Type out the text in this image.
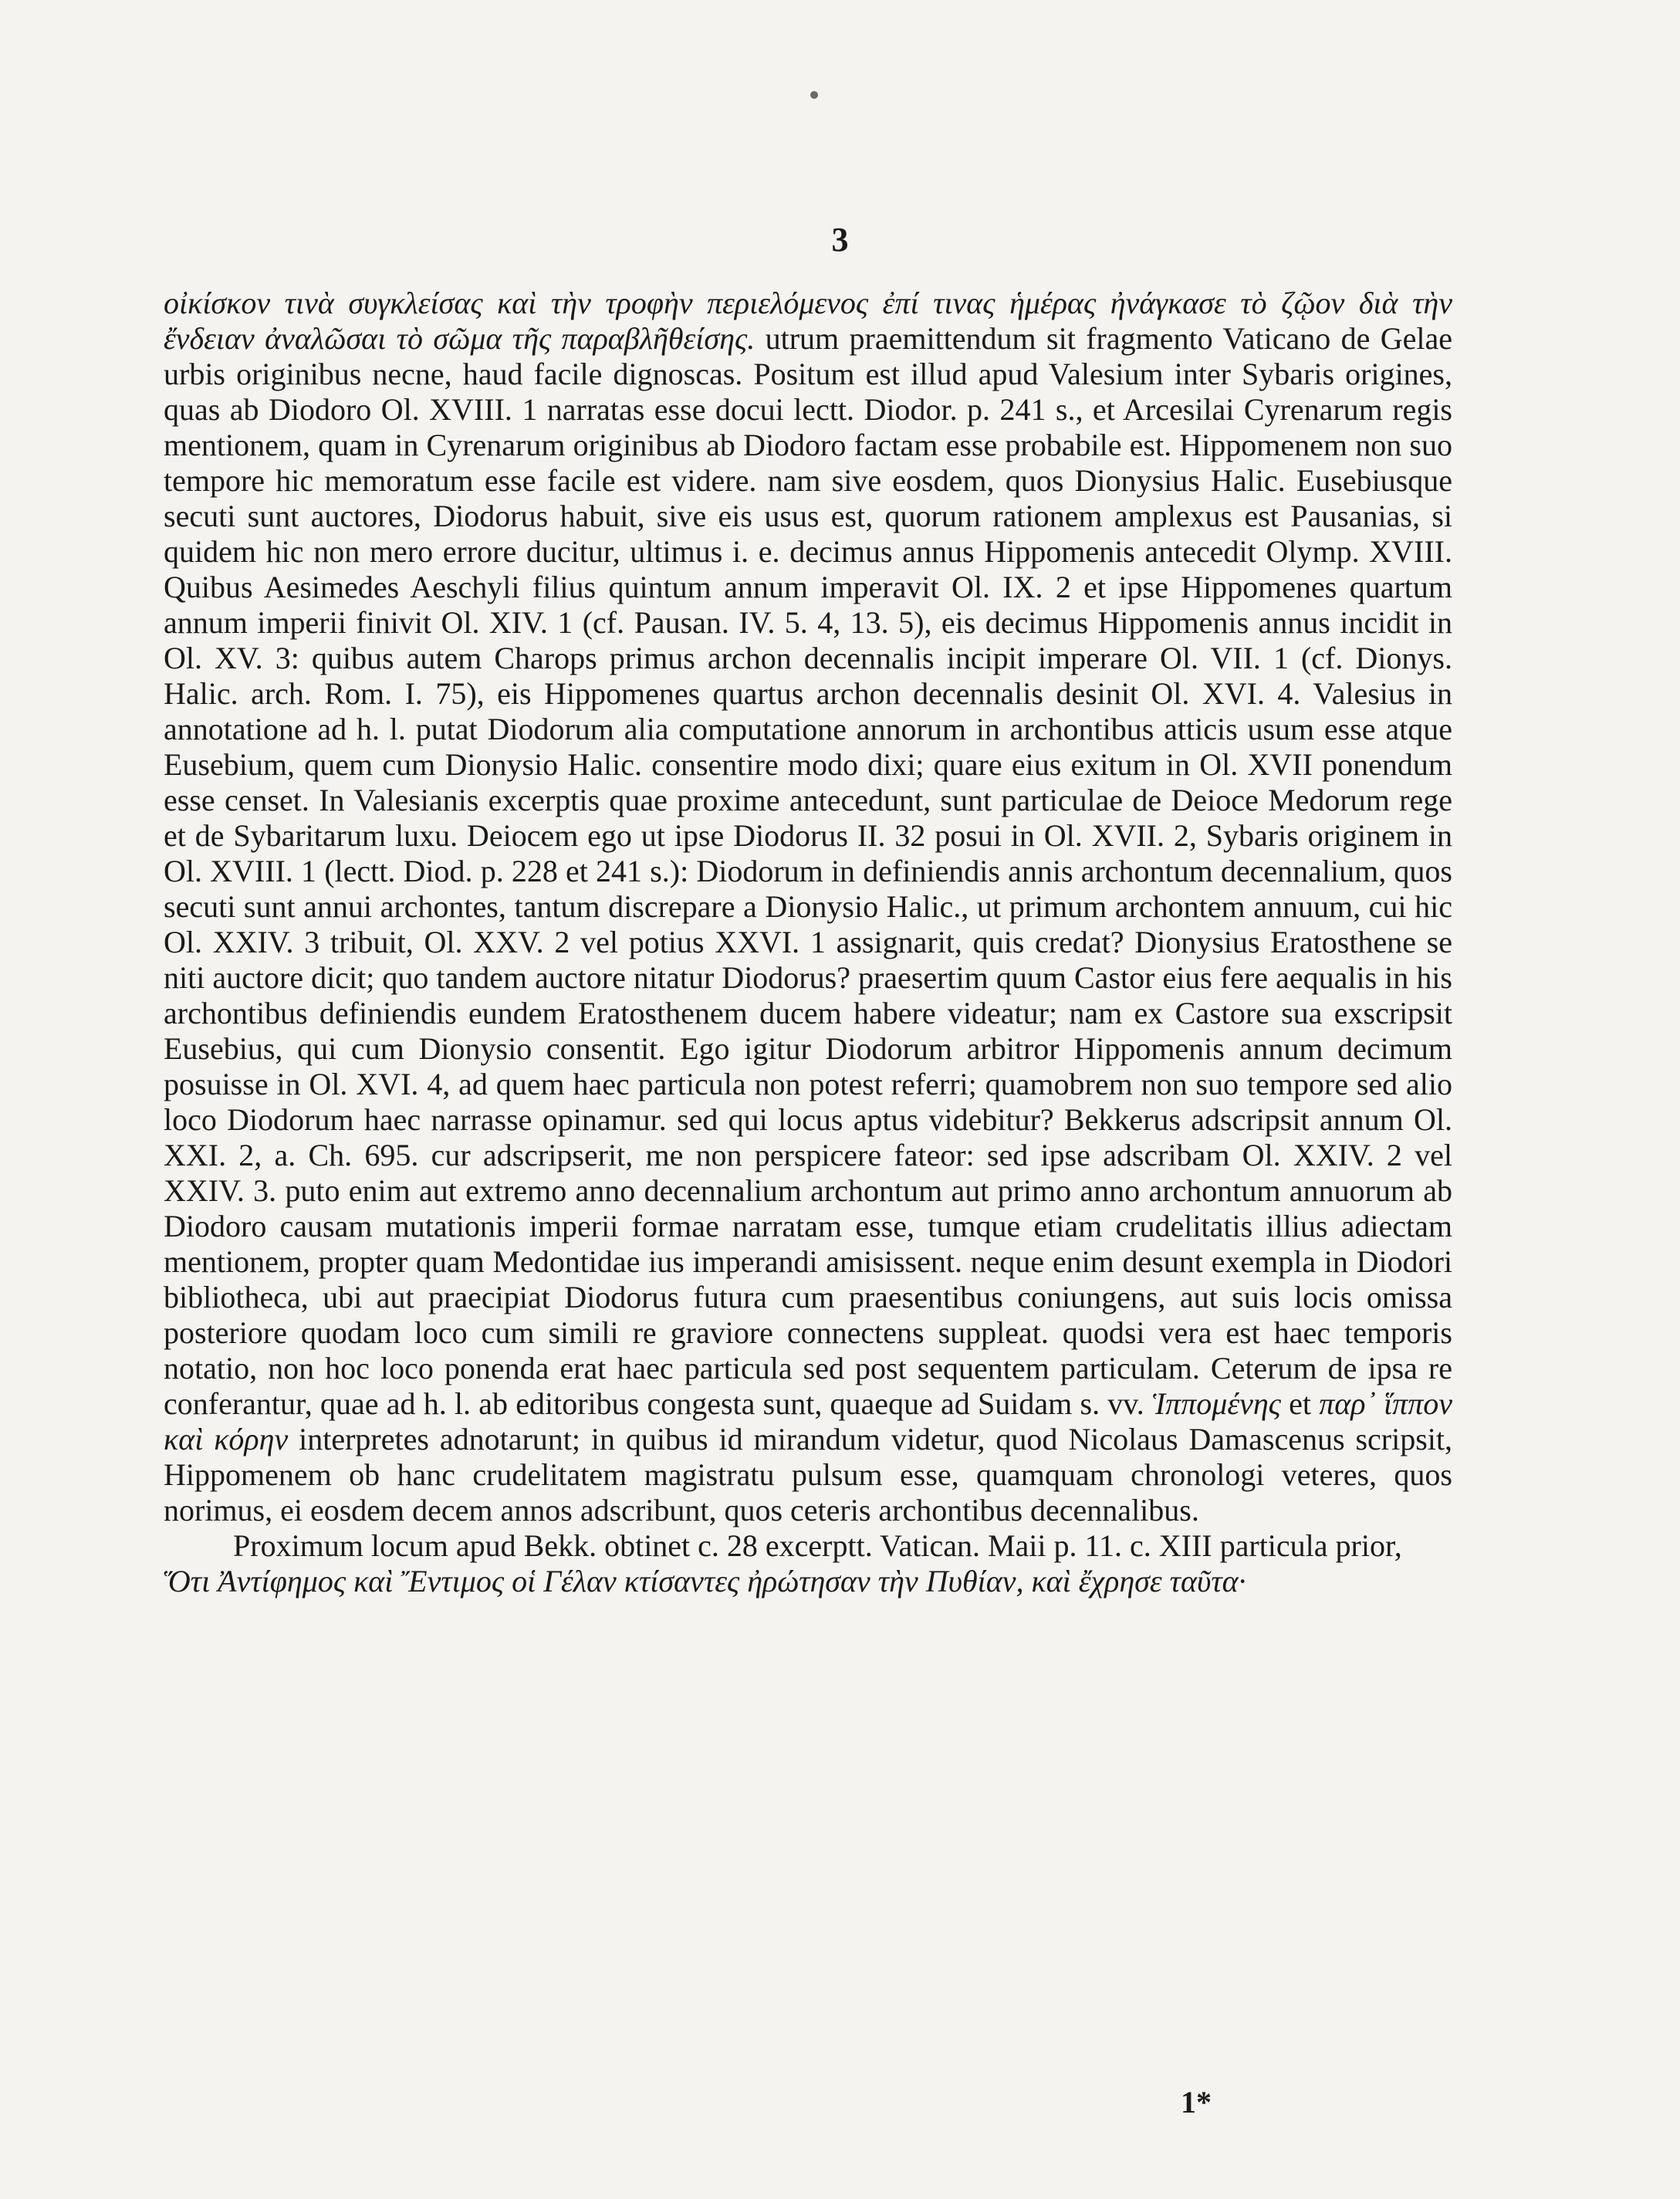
3

οἰκίσκον τινὰ συγκλείσας καὶ τὴν τροφὴν περιελόμενος ἐπί τινας ἡμέρας ἠνάγκασε τὸ ζῷον διὰ τὴν ἔνδειαν ἀναλῶσαι τὸ σῶμα τῆς παραβλῆθείσης. utrum praemittendum sit fragmento Vaticano de Gelae urbis originibus necne, haud facile dignoscas. Positum est illud apud Valesium inter Sybaris origines, quas ab Diodoro Ol. XVIII. 1 narratas esse docui lectt. Diodor. p. 241 s., et Arcesilai Cyrenarum regis mentionem, quam in Cyrenarum originibus ab Diodoro factam esse probabile est. Hippomenem non suo tempore hic memoratum esse facile est videre. nam sive eosdem, quos Dionysius Halic. Eusebiusque secuti sunt auctores, Diodorus habuit, sive eis usus est, quorum rationem amplexus est Pausanias, si quidem hic non mero errore ducitur, ultimus i. e. decimus annus Hippomenis antecedit Olymp. XVIII. Quibus Aesimedes Aeschyli filius quintum annum imperavit Ol. IX. 2 et ipse Hippomenes quartum annum imperii finivit Ol. XIV. 1 (cf. Pausan. IV. 5. 4, 13. 5), eis decimus Hippomenis annus incidit in Ol. XV. 3: quibus autem Charops primus archon decennalis incipit imperare Ol. VII. 1 (cf. Dionys. Halic. arch. Rom. I. 75), eis Hippomenes quartus archon decennalis desinit Ol. XVI. 4. Valesius in annotatione ad h. l. putat Diodorum alia computatione annorum in archontibus atticis usum esse atque Eusebium, quem cum Dionysio Halic. consentire modo dixi; quare eius exitum in Ol. XVII ponendum esse censet. In Valesianis excerptis quae proxime antecedunt, sunt particulae de Deioce Medorum rege et de Sybaritarum luxu. Deiocem ego ut ipse Diodorus II. 32 posui in Ol. XVII. 2, Sybaris originem in Ol. XVIII. 1 (lectt. Diod. p. 228 et 241 s.): Diodorum in definiendis annis archontum decennalium, quos secuti sunt annui archontes, tantum discrepare a Dionysio Halic., ut primum archontem annuum, cui hic Ol. XXIV. 3 tribuit, Ol. XXV. 2 vel potius XXVI. 1 assignarit, quis credat? Dionysius Eratosthene se niti auctore dicit; quo tandem auctore nitatur Diodorus? praesertim quum Castor eius fere aequalis in his archontibus definiendis eundem Eratosthenem ducem habere videatur; nam ex Castore sua exscripsit Eusebius, qui cum Dionysio consentit. Ego igitur Diodorum arbitror Hippomenis annum decimum posuisse in Ol. XVI. 4, ad quem haec particula non potest referri; quamobrem non suo tempore sed alio loco Diodorum haec narrasse opinamur. sed qui locus aptus videbitur? Bekkerus adscripsit annum Ol. XXI. 2, a. Ch. 695. cur adscripserit, me non perspicere fateor: sed ipse adscribam Ol. XXIV. 2 vel XXIV. 3. puto enim aut extremo anno decennalium archontum aut primo anno archontum annuorum ab Diodoro causam mutationis imperii formae narratam esse, tumque etiam crudelitatis illius adiectam mentionem, propter quam Medontidae ius imperandi amisissent. neque enim desunt exempla in Diodori bibliotheca, ubi aut praecipiat Diodorus futura cum praesentibus coniungens, aut suis locis omissa posteriore quodam loco cum simili re graviore connectens suppleat. quodsi vera est haec temporis notatio, non hoc loco ponenda erat haec particula sed post sequentem particulam. Ceterum de ipsa re conferantur, quae ad h. l. ab editoribus congesta sunt, quaeque ad Suidam s. vv. Ἱππομένης et παρ᾽ ἵππον καὶ κόρην interpretes adnotarunt; in quibus id mirandum videtur, quod Nicolaus Damascenus scripsit, Hippomenem ob hanc crudelitatem magistratu pulsum esse, quamquam chronologi veteres, quos norimus, ei eosdem decem annos adscribunt, quos ceteris archontibus decennalibus.

Proximum locum apud Bekk. obtinet c. 28 excerptt. Vatican. Maii p. 11. c. XIII particula prior,

Ὅτι Ἀντίφημος καὶ Ἔντιμος οἱ Γέλαν κτίσαντες ἠρώτησαν τὴν Πυθίαν, καὶ ἔχρησε ταῦτα·

1*
